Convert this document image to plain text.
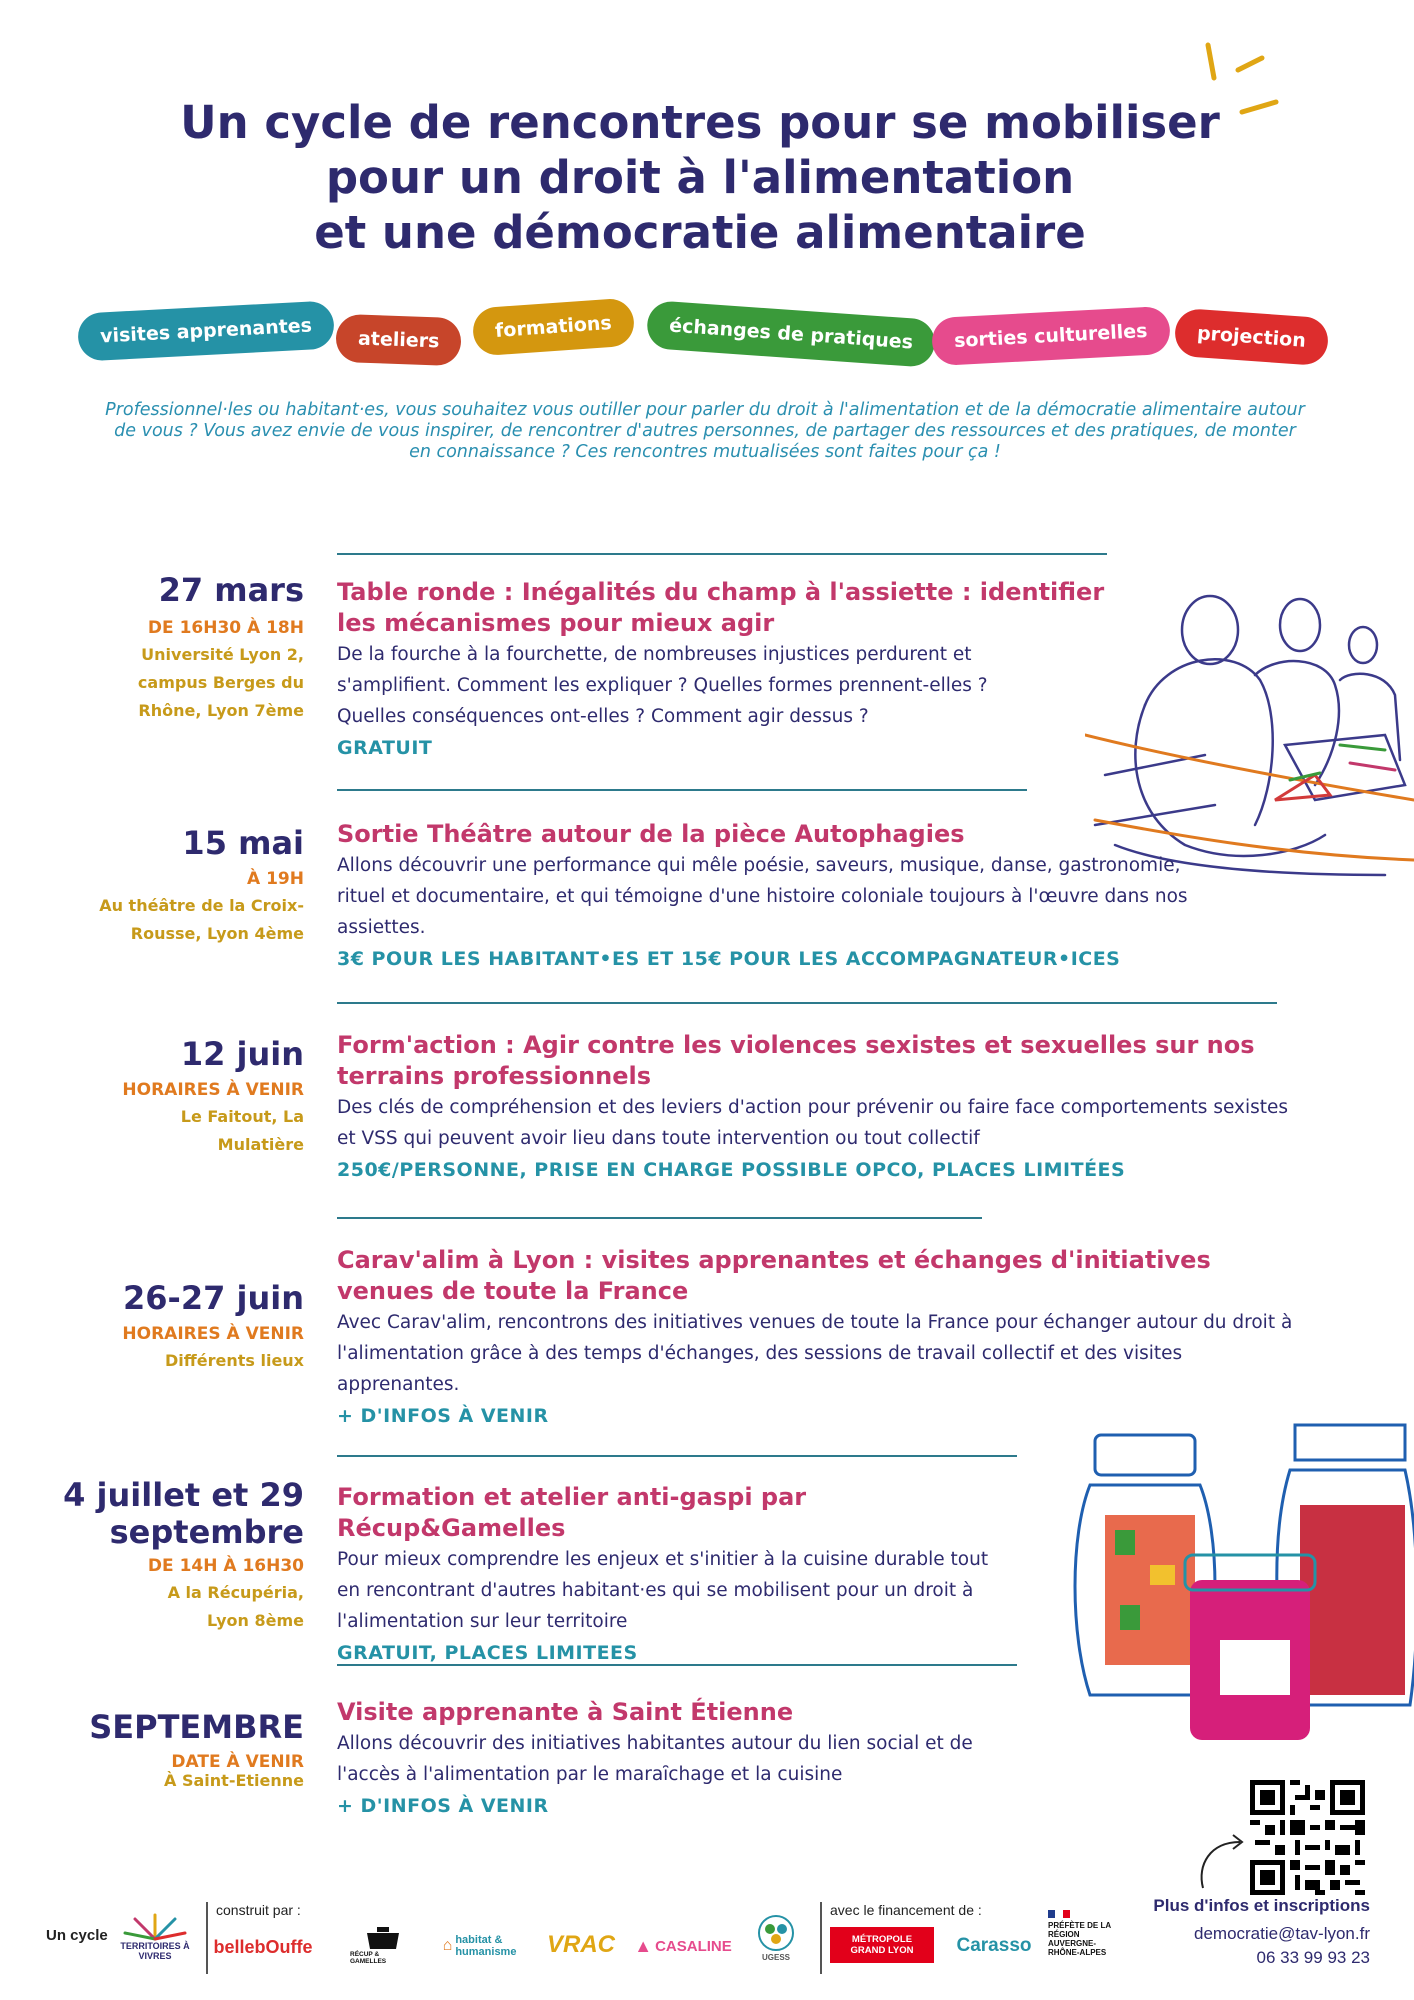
Un cycle de rencontres pour se mobiliser
pour un droit à l'alimentation
et une démocratie alimentaire
visites apprenantes	ateliers	formations	échanges de pratiques	sorties culturelles	projection
Professionnel·les ou habitant·es, vous souhaitez vous outiller pour parler du droit à l'alimentation et de la démocratie alimentaire autour de vous ? Vous avez envie de vous inspirer, de rencontrer d'autres personnes, de partager des ressources et des pratiques, de monter en connaissance ? Ces rencontres mutualisées sont faites pour ça !
27 mars
DE 16H30 À 18H
Université Lyon 2, campus Berges du Rhône, Lyon 7ème
Table ronde : Inégalités du champ à l'assiette : identifier les mécanismes pour mieux agir
De la fourche à la fourchette, de nombreuses injustices perdurent et s'amplifient. Comment les expliquer ? Quelles formes prennent-elles ? Quelles conséquences ont-elles ? Comment agir dessus ?
GRATUIT
15 mai
À 19H
Au théâtre de la Croix-Rousse, Lyon 4ème
Sortie Théâtre autour de la pièce Autophagies
Allons découvrir une performance qui mêle poésie, saveurs, musique, danse, gastronomie, rituel et documentaire, et qui témoigne d'une histoire coloniale toujours à l'œuvre dans nos assiettes.
3€ POUR LES HABITANT•ES ET 15€ POUR LES ACCOMPAGNATEUR•ICES
12 juin
HORAIRES À VENIR
Le Faitout, La Mulatière
Form'action : Agir contre les violences sexistes et sexuelles sur nos terrains professionnels
Des clés de compréhension et des leviers d'action pour prévenir ou faire face comportements sexistes et VSS qui peuvent avoir lieu dans toute intervention ou tout collectif
250€/PERSONNE, PRISE EN CHARGE POSSIBLE OPCO, PLACES LIMITÉES
26-27 juin
HORAIRES À VENIR
Différents lieux
Carav'alim à Lyon : visites apprenantes et échanges d'initiatives venues de toute la France
Avec Carav'alim, rencontrons des initiatives venues de toute la France pour échanger autour du droit à l'alimentation grâce à des temps d'échanges, des sessions de travail collectif et des visites apprenantes.
+ D'INFOS À VENIR
4 juillet et 29 septembre
DE 14H À 16H30
A la Récupéria, Lyon 8ème
Formation et atelier anti-gaspi par Récup&Gamelles
Pour mieux comprendre les enjeux et s'initier à la cuisine durable tout en rencontrant d'autres habitant·es qui se mobilisent pour un droit à l'alimentation sur leur territoire
GRATUIT, PLACES LIMITEES
SEPTEMBRE
DATE À VENIR
À Saint-Etienne
Visite apprenante à Saint Étienne
Allons découvrir des initiatives habitantes autour du lien social et de l'accès à l'alimentation par le maraȋchage et la cuisine
+ D'INFOS À VENIR
Plus d'infos et inscriptions
democratie@tav-lyon.fr
06 33 99 93 23
Un cycle
TERRITOIRES À VIVRES
construit par :
bellebOuffe	RÉCUP & GAMELLES
⌂ habitat & humanisme VRAC ▲ CASALINE
UGESS
avec le financement de :
MÉTROPOLE GRAND LYON	Carasso
PRÉFÈTE DE LA RÉGION AUVERGNE-RHÔNE-ALPES
